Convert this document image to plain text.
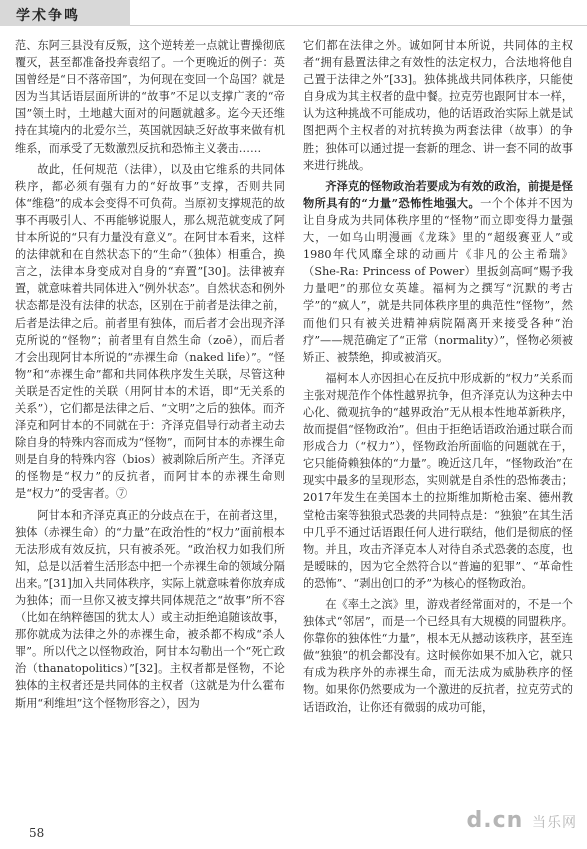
学术争鸣

范、东阿三县没有反叛，这个逆转差一点就让曹操彻底覆灭，甚至都准备投奔袁绍了。一个更晚近的例子：英国曾经是“日不落帝国”，为何现在变回一个岛国？就是因为当其话语层面所讲的“故事”不足以支撑广袤的“帝国”领土时，土地越大面对的问题就越多。迄今天还维持在其境内的北爱尔兰，英国就因缺乏好故事来做有机维系，而承受了无数激烈反抗和恐怖主义袭击……

故此，任何规范（法律），以及由它维系的共同体秩序，都必须有强有力的“好故事”支撑，否则共同体“维稳”的成本会变得不可负荷。当原初支撑规范的故事不再吸引人、不再能够说服人，那么规范就变成了阿甘本所说的“只有力量没有意义”。在阿甘本看来，这样的法律就和在自然状态下的“生命”（独体）相重合，换言之，法律本身变成对自身的“弃置”[30]。法律被弃置，就意味着共同体进入“例外状态”。自然状态和例外状态都是没有法律的状态，区别在于前者是法律之前，后者是法律之后。前者里有独体，而后者才会出现齐泽克所说的“怪物”；前者里有自然生命（zoē），而后者才会出现阿甘本所说的“赤裸生命（naked life）”。“怪物”和“赤裸生命”都和共同体秩序发生关联，尽管这种关联是否定性的关联（用阿甘本的术语，即“无关系的关系”），它们都是法律之后、“文明”之后的独体。而齐泽克和阿甘本的不同就在于：齐泽克倡导行动者主动去除自身的特殊内容而成为“怪物”，而阿甘本的赤裸生命则是自身的特殊内容（bios）被剥除后所产生。齐泽克的怪物是“权力”的反抗者，而阿甘本的赤裸生命则是“权力”的受害者。⑦

阿甘本和齐泽克真正的分歧点在于，在前者这里，独体（赤裸生命）的“力量”在政治性的“权力”面前根本无法形成有效反抗，只有被杀死。“政治权力如我们所知，总是以活着生活形态中把一个赤裸生命的领域分隔出来。”[31]加入共同体秩序，实际上就意味着你放弃成为独体；而一旦你又被支撑共同体规范之“故事”所不容（比如在纳粹德国的犹太人）或主动拒绝追随该故事，那你就成为法律之外的赤裸生命，被杀都不构成“杀人罪”。所以代之以怪物政治，阿甘本勾勒出一个“死亡政治（thanatopolitics）”[32]。主权者都是怪物，不论独体的主权者还是共同体的主权者（这就是为什么霍布斯用“利维坦”这个怪物形容之），因为

它们都在法律之外。诚如阿甘本所说，共同体的主权者“拥有悬置法律之有效性的法定权力，合法地将他自己置于法律之外”[33]。独体挑战共同体秩序，只能使自身成为其主权者的盘中餐。拉克劳也跟阿甘本一样，认为这种挑战不可能成功，他的话语政治实际上就是试图把两个主权者的对抗转换为两套法律（故事）的争胜；独体可以通过提一套新的理念、讲一套不同的故事来进行挑战。

齐泽克的怪物政治若要成为有效的政治，前提是怪物所具有的“力量”恐怖性地强大。一个个体并不因为让自身成为共同体秩序里的“怪物”而立即变得力量强大，一如乌山明漫画《龙珠》里的“超级赛亚人”或1980年代风靡全球的动画片《非凡的公主希瑞》（She-Ra: Princess of Power）里扳剑高呵“赐予我力量吧”的那位女英雄。福柯为之撰写“沉默的考古学”的“疯人”，就是共同体秩序里的典范性“怪物”，然而他们只有被关进精神病院隔离开来接受各种“治疗”——规范确定了“正常（normality）”，怪物必须被矫正、被禁绝，抑或被消灭。

福柯本人亦因担心在反抗中形成新的“权力”关系而主张对规范作个体性越界抗争，但齐泽克认为这种去中心化、微观抗争的“越界政治”无从根本性地革新秩序，故而提倡“怪物政治”。但由于拒绝话语政治通过联合而形成合力（“权力”），怪物政治所面临的问题就在于，它只能倚赖独体的“力量”。晚近这几年，“怪物政治”在现实中最多的呈现形态，实则就是自杀性的恐怖袭击；2017年发生在美国本土的拉斯维加斯枪击案、德州教堂枪击案等独狼式恐袭的共同特点是：“独狼”在其生活中几乎不通过话语跟任何人进行联结，他们是彻底的怪物。并且，攻击齐泽克本人对待自杀式恐袭的态度，也是暧昧的，因为它全然符合以“普遍的犯罪”、“革命性的恐怖”、“剥出创口的矛”为核心的怪物政治。

在《率土之滨》里，游戏者经常面对的，不是一个独体式“邻居”，而是一个已经具有大规模的同盟秩序。你靠你的独体性“力量”，根本无从撼动该秩序，甚至连做“独狼”的机会都没有。这时候你如果不加入它，就只有成为秩序外的赤裸生命，而无法成为威胁秩序的怪物。如果你仍然要成为一个激进的反抗者，拉克劳式的话语政治，让你还有微弱的成功可能，

58	d.cn 当乐网
